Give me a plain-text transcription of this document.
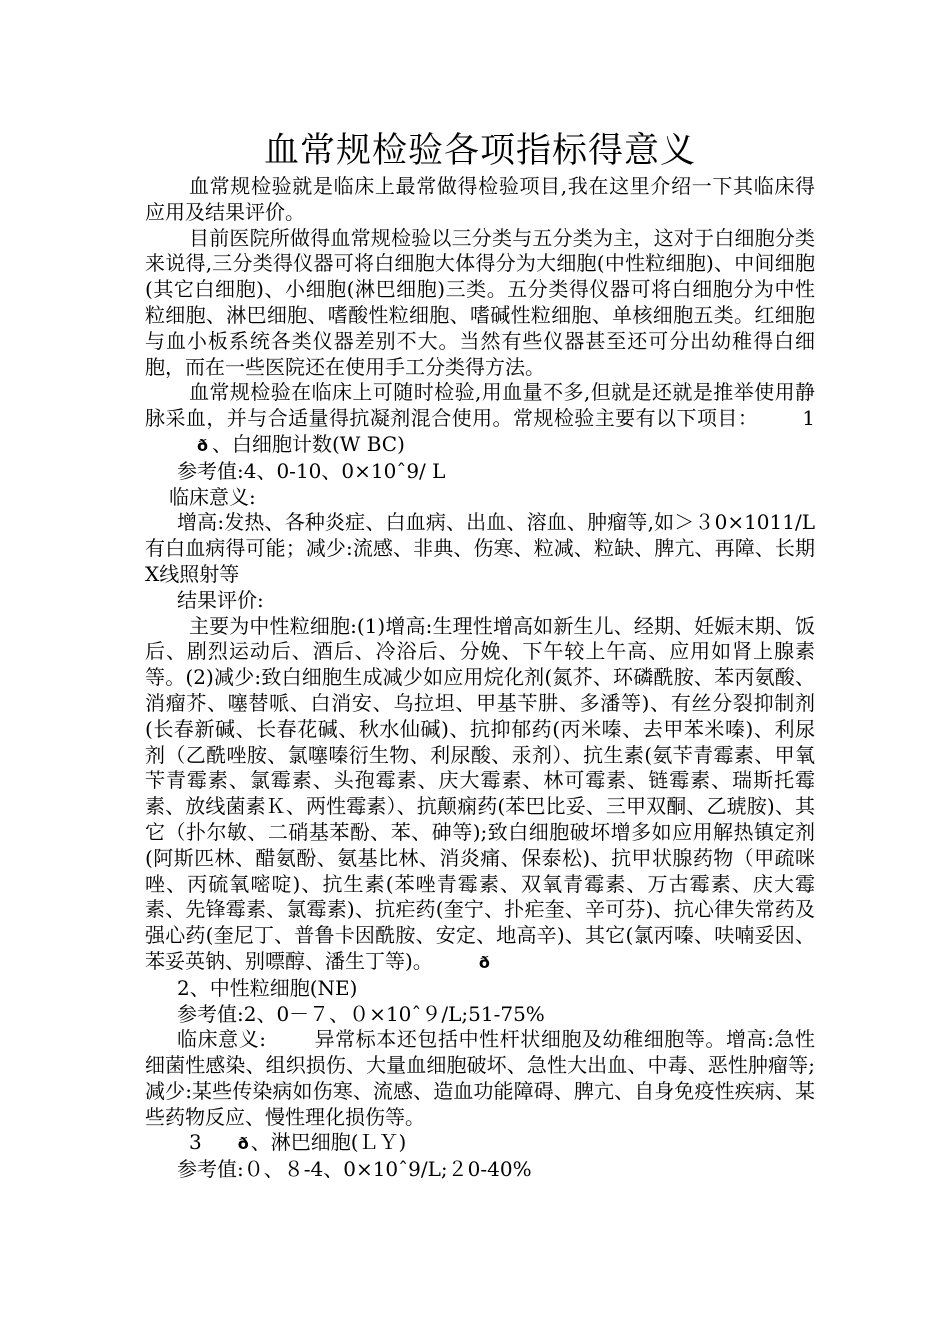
血常规检验各项指标得意义

血常规检验就是临床上最常做得检验项目,我在这里介绍一下其临床得应用及结果评价。

目前医院所做得血常规检验以三分类与五分类为主，这对于白细胞分类来说得,三分类得仪器可将白细胞大体得分为大细胞(中性粒细胞)、中间细胞(其它白细胞)、小细胞(淋巴细胞)三类。五分类得仪器可将白细胞分为中性粒细胞、淋巴细胞、嗜酸性粒细胞、嗜碱性粒细胞、单核细胞五类。红细胞与血小板系统各类仪器差别不大。当然有些仪器甚至还可分出幼稚得白细胞，而在一些医院还在使用手工分类得方法。

血常规检验在临床上可随时检验,用血量不多,但就是还就是推举使用静脉采血，并与合适量得抗凝剂混合使用。常规检验主要有以下项目： 1ð 、白细胞计数(W BC)

参考值:4、0-10、0×10ˆ9/ L

临床意义:

增高:发热、各种炎症、白血病、出血、溶血、肿瘤等,如＞３0×1011/L有白血病得可能；减少:流感、非典、伤寒、粒减、粒缺、脾亢、再障、长期X线照射等

结果评价:

主要为中性粒细胞:(1)增高:生理性增高如新生儿、经期、妊娠末期、饭后、剧烈运动后、酒后、冷浴后、分娩、下午较上午高、应用如肾上腺素等。(2)减少:致白细胞生成减少如应用烷化剂(氮芥、环磷酰胺、苯丙氨酸、消瘤芥、噻替哌、白消安、乌拉坦、甲基苄肼、多潘等)、有丝分裂抑制剂(长春新碱、长春花碱、秋水仙碱)、抗抑郁药(丙米嗪、去甲苯米嗪)、利尿剂（乙酰唑胺、氯噻嗪衍生物、利尿酸、汞剂）、抗生素(氨苄青霉素、甲氧苄青霉素、氯霉素、头孢霉素、庆大霉素、林可霉素、链霉素、瑞斯托霉素、放线菌素Ｋ、两性霉素）、抗颠痫药(苯巴比妥、三甲双酮、乙琥胺)、其它（扑尔敏、二硝基苯酚、苯、砷等);致白细胞破坏增多如应用解热镇定剂(阿斯匹林、醋氨酚、氨基比林、消炎痛、保泰松)、抗甲状腺药物（甲疏咪唑、丙硫氧嘧啶)、抗生素(苯唑青霉素、双氧青霉素、万古霉素、庆大霉素、先锋霉素、氯霉素)、抗疟药(奎宁、扑疟奎、辛可芬)、抗心律失常药及强心药(奎尼丁、普鲁卡因酰胺、安定、地高辛)、其它(氯丙嗪、呋喃妥因、苯妥英钠、别嘌醇、潘生丁等)。	ð

2、中性粒细胞(NE)

参考值:2、0－７、０×10ˆ９/L;51-75%

临床意义: 异常标本还包括中性杆状细胞及幼稚细胞等。增高:急性细菌性感染、组织损伤、大量血细胞破坏、急性大出血、中毒、恶性肿瘤等;减少:某些传染病如伤寒、流感、造血功能障碍、脾亢、自身免疫性疾病、某些药物反应、慢性理化损伤等。

3 ð 、淋巴细胞(ＬＹ)

参考值:０、８-4、0×10ˆ9/L;２0-40%
